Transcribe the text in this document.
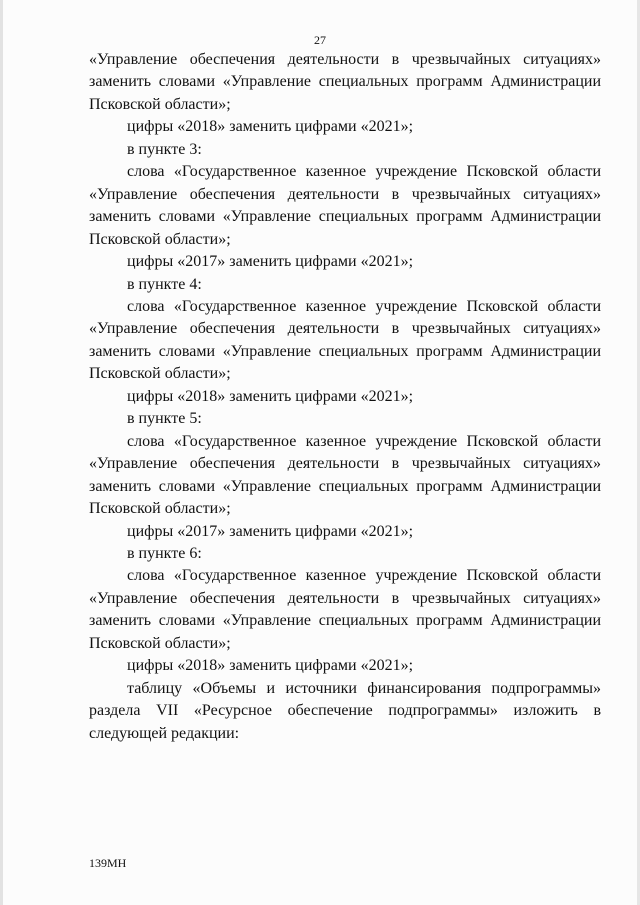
27

«Управление обеспечения деятельности в чрезвычайных ситуациях» заменить словами «Управление специальных программ Администрации Псковской области»;

цифры «2018» заменить цифрами «2021»;

в пункте 3:

слова «Государственное казенное учреждение Псковской области «Управление обеспечения деятельности в чрезвычайных ситуациях» заменить словами «Управление специальных программ Администрации Псковской области»;

цифры «2017» заменить цифрами «2021»;

в пункте 4:

слова «Государственное казенное учреждение Псковской области «Управление обеспечения деятельности в чрезвычайных ситуациях» заменить словами «Управление специальных программ Администрации Псковской области»;

цифры «2018» заменить цифрами «2021»;

в пункте 5:

слова «Государственное казенное учреждение Псковской области «Управление обеспечения деятельности в чрезвычайных ситуациях» заменить словами «Управление специальных программ Администрации Псковской области»;

цифры «2017» заменить цифрами «2021»;

в пункте 6:

слова «Государственное казенное учреждение Псковской области «Управление обеспечения деятельности в чрезвычайных ситуациях» заменить словами «Управление специальных программ Администрации Псковской области»;

цифры «2018» заменить цифрами «2021»;

таблицу «Объемы и источники финансирования подпрограммы» раздела VII «Ресурсное обеспечение подпрограммы» изложить в следующей редакции:

139МН
